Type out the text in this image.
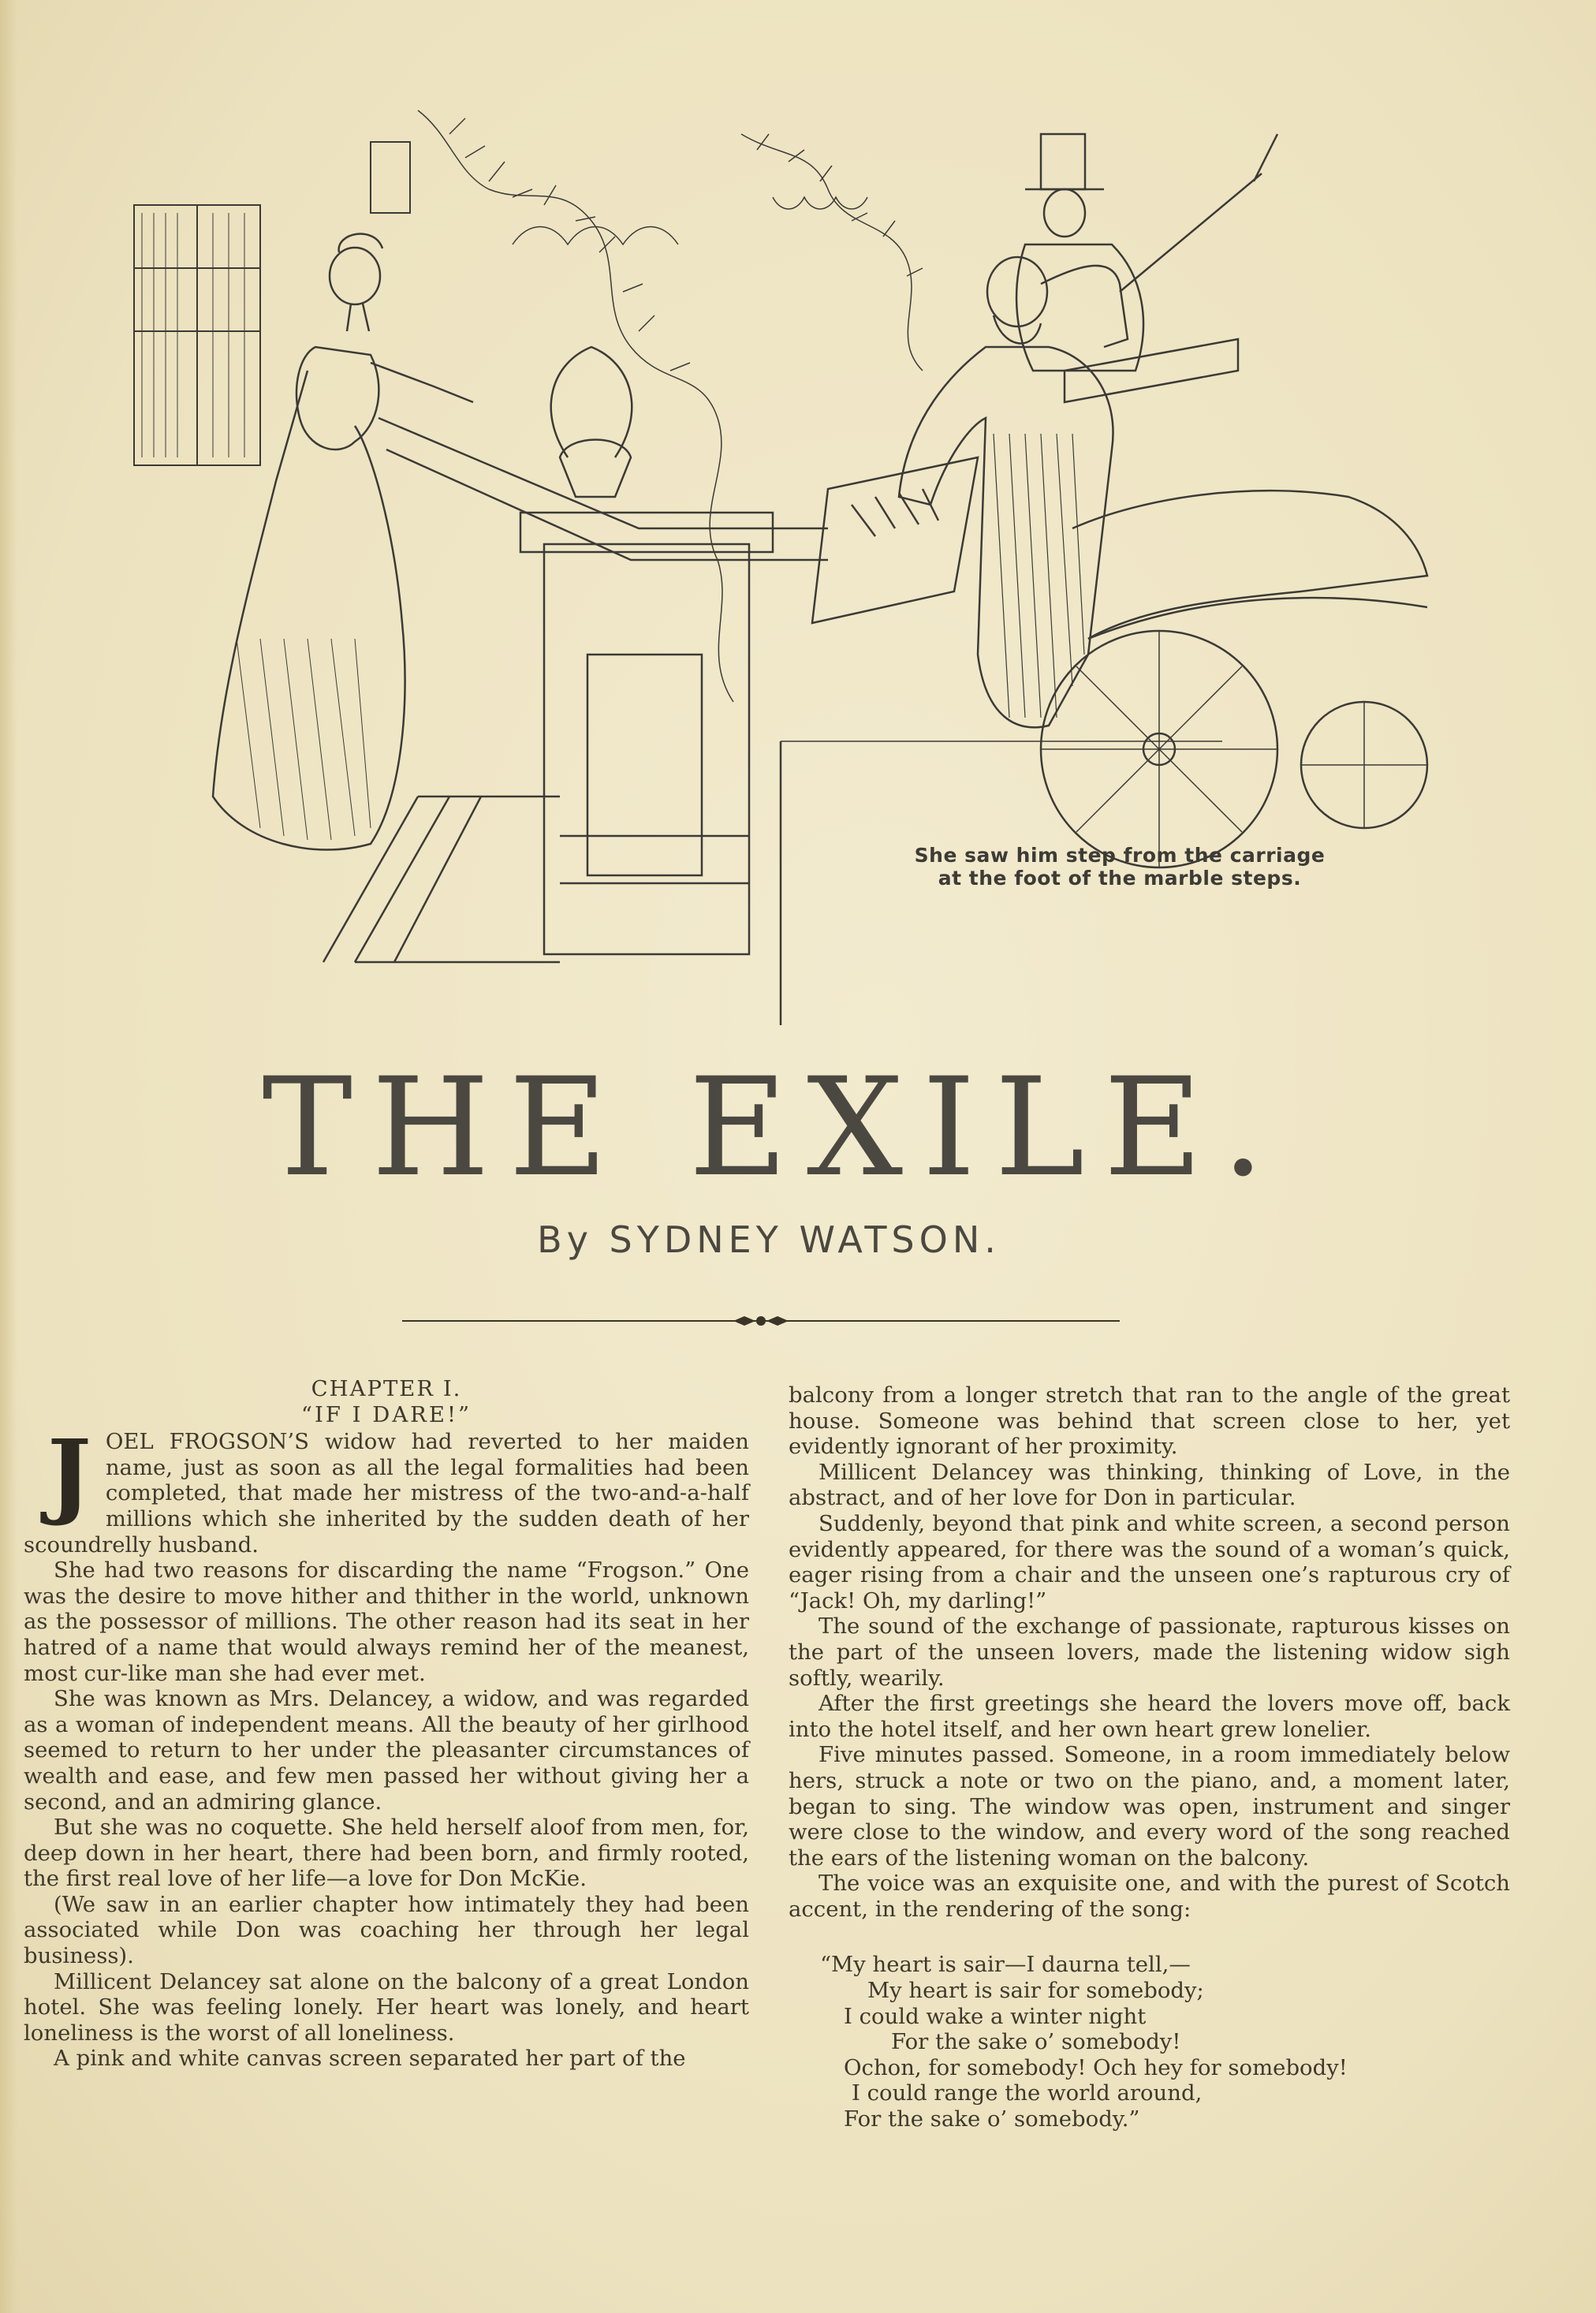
She saw him step from the carriage
at the foot of the marble steps.
THE EXILE.
By SYDNEY WATSON.

CHAPTER I.

“IF I DARE!”

JOEL FROGSON’S widow had reverted to her maiden name, just as soon as all the legal formalities had been completed, that made her mistress of the two-and-a-half millions which she inherited by the sudden death of her scoundrelly husband.

She had two reasons for discarding the name “Frogson.” One was the desire to move hither and thither in the world, unknown as the possessor of millions. The other reason had its seat in her hatred of a name that would always remind her of the meanest, most cur-like man she had ever met.

She was known as Mrs. Delancey, a widow, and was regarded as a woman of independent means. All the beauty of her girlhood seemed to return to her under the pleasanter circumstances of wealth and ease, and few men passed her without giving her a second, and an admiring glance.

But she was no coquette. She held herself aloof from men, for, deep down in her heart, there had been born, and firmly rooted, the first real love of her life—a love for Don McKie.

(We saw in an earlier chapter how intimately they had been associated while Don was coaching her through her legal business).

Millicent Delancey sat alone on the balcony of a great London hotel. She was feeling lonely. Her heart was lonely, and heart loneliness is the worst of all loneliness.

A pink and white canvas screen separated her part of the

balcony from a longer stretch that ran to the angle of the great house. Someone was behind that screen close to her, yet evidently ignorant of her proximity.

Millicent Delancey was thinking, thinking of Love, in the abstract, and of her love for Don in particular.

Suddenly, beyond that pink and white screen, a second person evidently appeared, for there was the sound of a woman’s quick, eager rising from a chair and the unseen one’s rapturous cry of “Jack! Oh, my darling!”

The sound of the exchange of passionate, rapturous kisses on the part of the unseen lovers, made the listening widow sigh softly, wearily.

After the first greetings she heard the lovers move off, back into the hotel itself, and her own heart grew lonelier.

Five minutes passed. Someone, in a room immediately below hers, struck a note or two on the piano, and, a moment later, began to sing. The window was open, instrument and singer were close to the window, and every word of the song reached the ears of the listening woman on the balcony.

The voice was an exquisite one, and with the purest of Scotch accent, in the rendering of the song:

“My heart is sair—I daurna tell,—

My heart is sair for somebody;

I could wake a winter night

For the sake o’ somebody!

Ochon, for somebody! Och hey for somebody!

I could range the world around,

For the sake o’ somebody.”
